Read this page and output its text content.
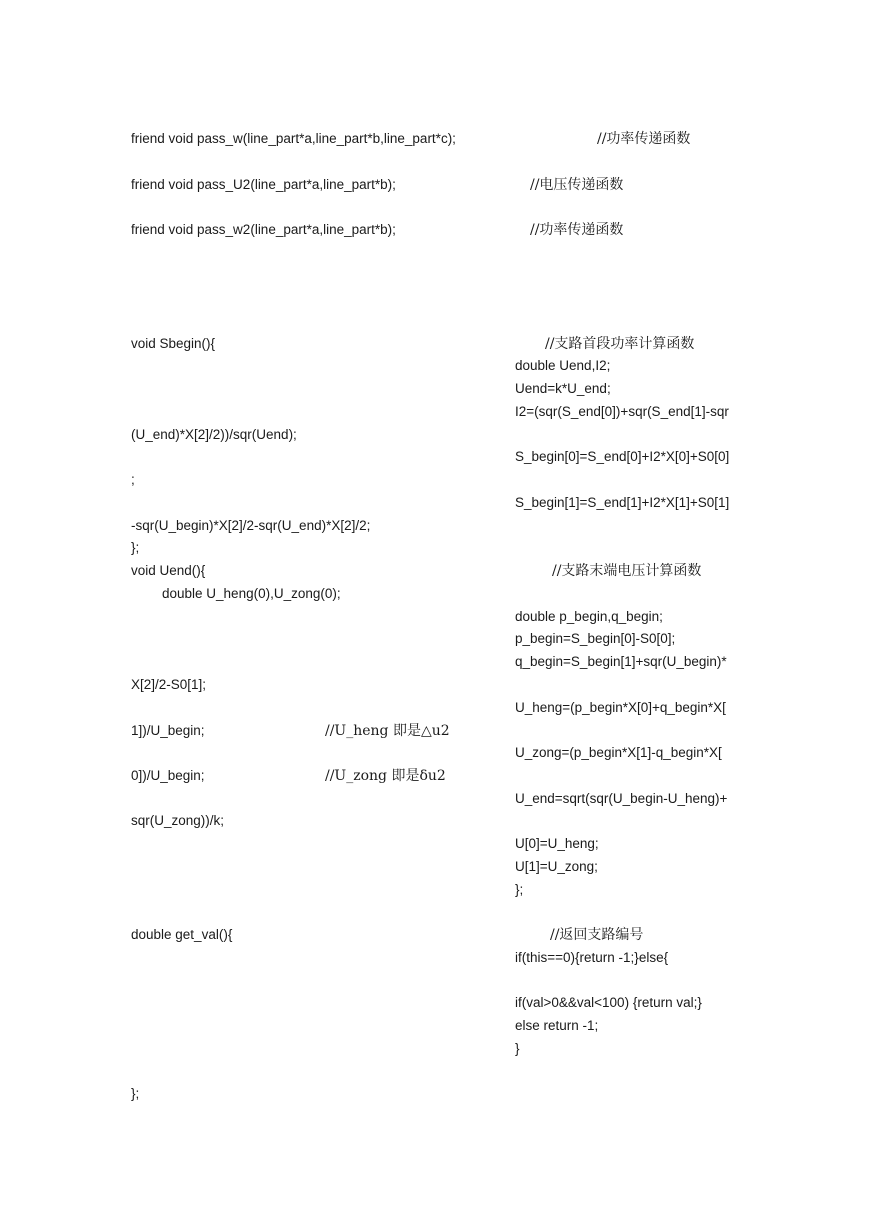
friend void pass_w(line_part*a,line_part*b,line_part*c);	//功率传递函数
friend void pass_U2(line_part*a,line_part*b);	//电压传递函数
friend void pass_w2(line_part*a,line_part*b);	//功率传递函数
void Sbegin(){	//支路首段功率计算函数
double Uend,I2;
Uend=k*U_end;
I2=(sqr(S_end[0])+sqr(S_end[1]-sqr
(U_end)*X[2]/2))/sqr(Uend);
S_begin[0]=S_end[0]+I2*X[0]+S0[0]
;
S_begin[1]=S_end[1]+I2*X[1]+S0[1]
-sqr(U_begin)*X[2]/2-sqr(U_end)*X[2]/2;
};
void Uend(){	//支路末端电压计算函数
double U_heng(0),U_zong(0);
double p_begin,q_begin;
p_begin=S_begin[0]-S0[0];
q_begin=S_begin[1]+sqr(U_begin)*
X[2]/2-S0[1];
U_heng=(p_begin*X[0]+q_begin*X[
1])/U_begin;	//U_heng 即是△u2
U_zong=(p_begin*X[1]-q_begin*X[
0])/U_begin;	//U_zong 即是δu2
U_end=sqrt(sqr(U_begin-U_heng)+
sqr(U_zong))/k;
U[0]=U_heng;
U[1]=U_zong;
};
double get_val(){	//返回支路编号
if(this==0){return -1;}else{
if(val>0&&val<100) {return val;}
else return -1;
}
};
